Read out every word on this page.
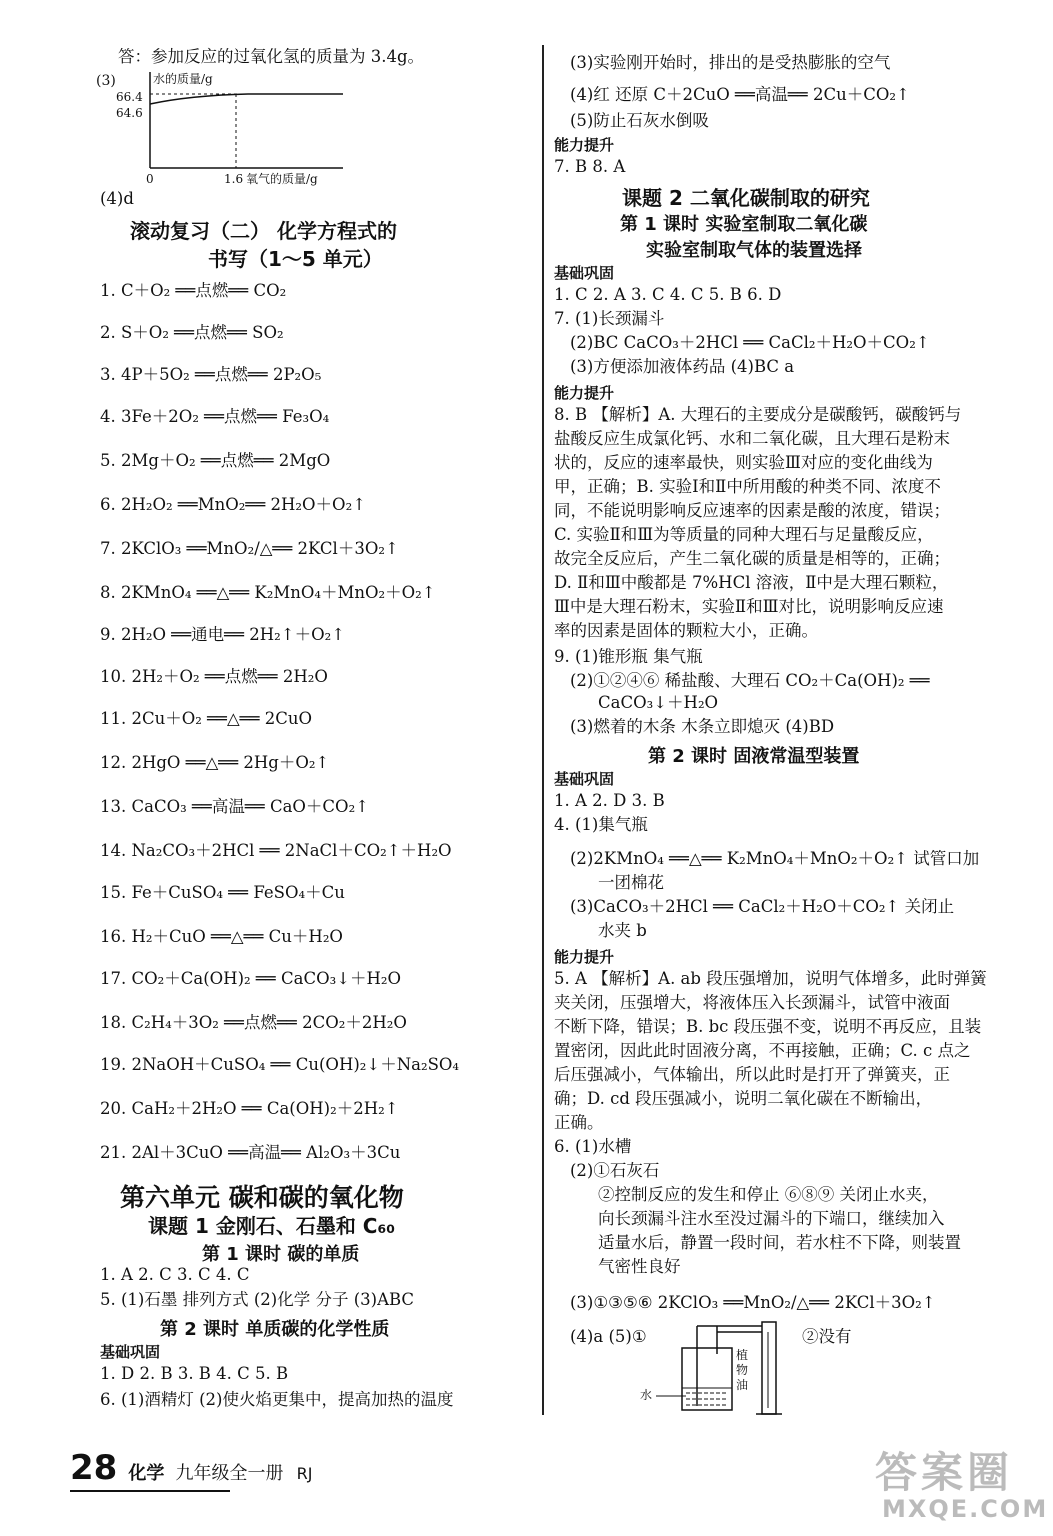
答：参加反应的过氧化氢的质量为 3.4g。
(3)	水的质量/g
66.4
64.6
0	1.6 氧气的质量/g
(4)d
滚动复习（二） 化学方程式的
书写（1～5 单元）
1. C＋O₂ ══点燃══ CO₂
2. S＋O₂ ══点燃══ SO₂
3. 4P＋5O₂ ══点燃══ 2P₂O₅
4. 3Fe＋2O₂ ══点燃══ Fe₃O₄
5. 2Mg＋O₂ ══点燃══ 2MgO
6. 2H₂O₂ ══MnO₂══ 2H₂O＋O₂↑
7. 2KClO₃ ══MnO₂/△══ 2KCl＋3O₂↑
8. 2KMnO₄ ══△══ K₂MnO₄＋MnO₂＋O₂↑
9. 2H₂O ══通电══ 2H₂↑＋O₂↑
10. 2H₂＋O₂ ══点燃══ 2H₂O
11. 2Cu＋O₂ ══△══ 2CuO
12. 2HgO ══△══ 2Hg＋O₂↑
13. CaCO₃ ══高温══ CaO＋CO₂↑
14. Na₂CO₃＋2HCl ══ 2NaCl＋CO₂↑＋H₂O
15. Fe＋CuSO₄ ══ FeSO₄＋Cu
16. H₂＋CuO ══△══ Cu＋H₂O
17. CO₂＋Ca(OH)₂ ══ CaCO₃↓＋H₂O
18. C₂H₄＋3O₂ ══点燃══ 2CO₂＋2H₂O
19. 2NaOH＋CuSO₄ ══ Cu(OH)₂↓＋Na₂SO₄
20. CaH₂＋2H₂O ══ Ca(OH)₂＋2H₂↑
21. 2Al＋3CuO ══高温══ Al₂O₃＋3Cu
第六单元 碳和碳的氧化物
课题 1 金刚石、石墨和 C₆₀
第 1 课时 碳的单质
1. A 2. C 3. C 4. C
5. (1)石墨 排列方式 (2)化学 分子 (3)ABC
第 2 课时 单质碳的化学性质
基础巩固
1. D 2. B 3. B 4. C 5. B
6. (1)酒精灯 (2)使火焰更集中，提高加热的温度
(3)实验刚开始时，排出的是受热膨胀的空气
(4)红 还原 C＋2CuO ══高温══ 2Cu＋CO₂↑
(5)防止石灰水倒吸
能力提升
7. B 8. A
课题 2 二氧化碳制取的研究
第 1 课时 实验室制取二氧化碳
实验室制取气体的装置选择
基础巩固
1. C 2. A 3. C 4. C 5. B 6. D
7. (1)长颈漏斗
(2)BC CaCO₃＋2HCl ══ CaCl₂＋H₂O＋CO₂↑
(3)方便添加液体药品 (4)BC a
能力提升
8. B 【解析】A. 大理石的主要成分是碳酸钙，碳酸钙与
盐酸反应生成氯化钙、水和二氧化碳，且大理石是粉末
状的，反应的速率最快，则实验Ⅲ对应的变化曲线为
甲，正确；B. 实验Ⅰ和Ⅱ中所用酸的种类不同、浓度不
同，不能说明影响反应速率的因素是酸的浓度，错误；
C. 实验Ⅱ和Ⅲ为等质量的同种大理石与足量酸反应，
故完全反应后，产生二氧化碳的质量是相等的，正确；
D. Ⅱ和Ⅲ中酸都是 7%HCl 溶液，Ⅱ中是大理石颗粒，
Ⅲ中是大理石粉末，实验Ⅱ和Ⅲ对比，说明影响反应速
率的因素是固体的颗粒大小，正确。
9. (1)锥形瓶 集气瓶
(2)①②④⑥ 稀盐酸、大理石 CO₂＋Ca(OH)₂ ══
CaCO₃↓＋H₂O
(3)燃着的木条 木条立即熄灭 (4)BD
第 2 课时 固液常温型装置
基础巩固
1. A 2. D 3. B
4. (1)集气瓶
(2)2KMnO₄ ══△══ K₂MnO₄＋MnO₂＋O₂↑ 试管口加
一团棉花
(3)CaCO₃＋2HCl ══ CaCl₂＋H₂O＋CO₂↑ 关闭止
水夹 b
能力提升
5. A 【解析】A. ab 段压强增加，说明气体增多，此时弹簧
夹关闭，压强增大，将液体压入长颈漏斗，试管中液面
不断下降，错误；B. bc 段压强不变，说明不再反应，且装
置密闭，因此此时固液分离，不再接触，正确；C. c 点之
后压强减小，气体输出，所以此时是打开了弹簧夹，正
确；D. cd 段压强减小，说明二氧化碳在不断输出，
正确。
6. (1)水槽
(2)①石灰石
②控制反应的发生和停止 ⑥⑧⑨ 关闭止水夹，
向长颈漏斗注水至没过漏斗的下端口，继续加入
适量水后，静置一段时间，若水柱不下降，则装置
气密性良好
(3)①③⑤⑥ 2KClO₃ ══MnO₂/△══ 2KCl＋3O₂↑
(4)a (5)①	②没有
植物油
水
28 化学 九年级全一册 RJ	答案圈
MXQE.COM
